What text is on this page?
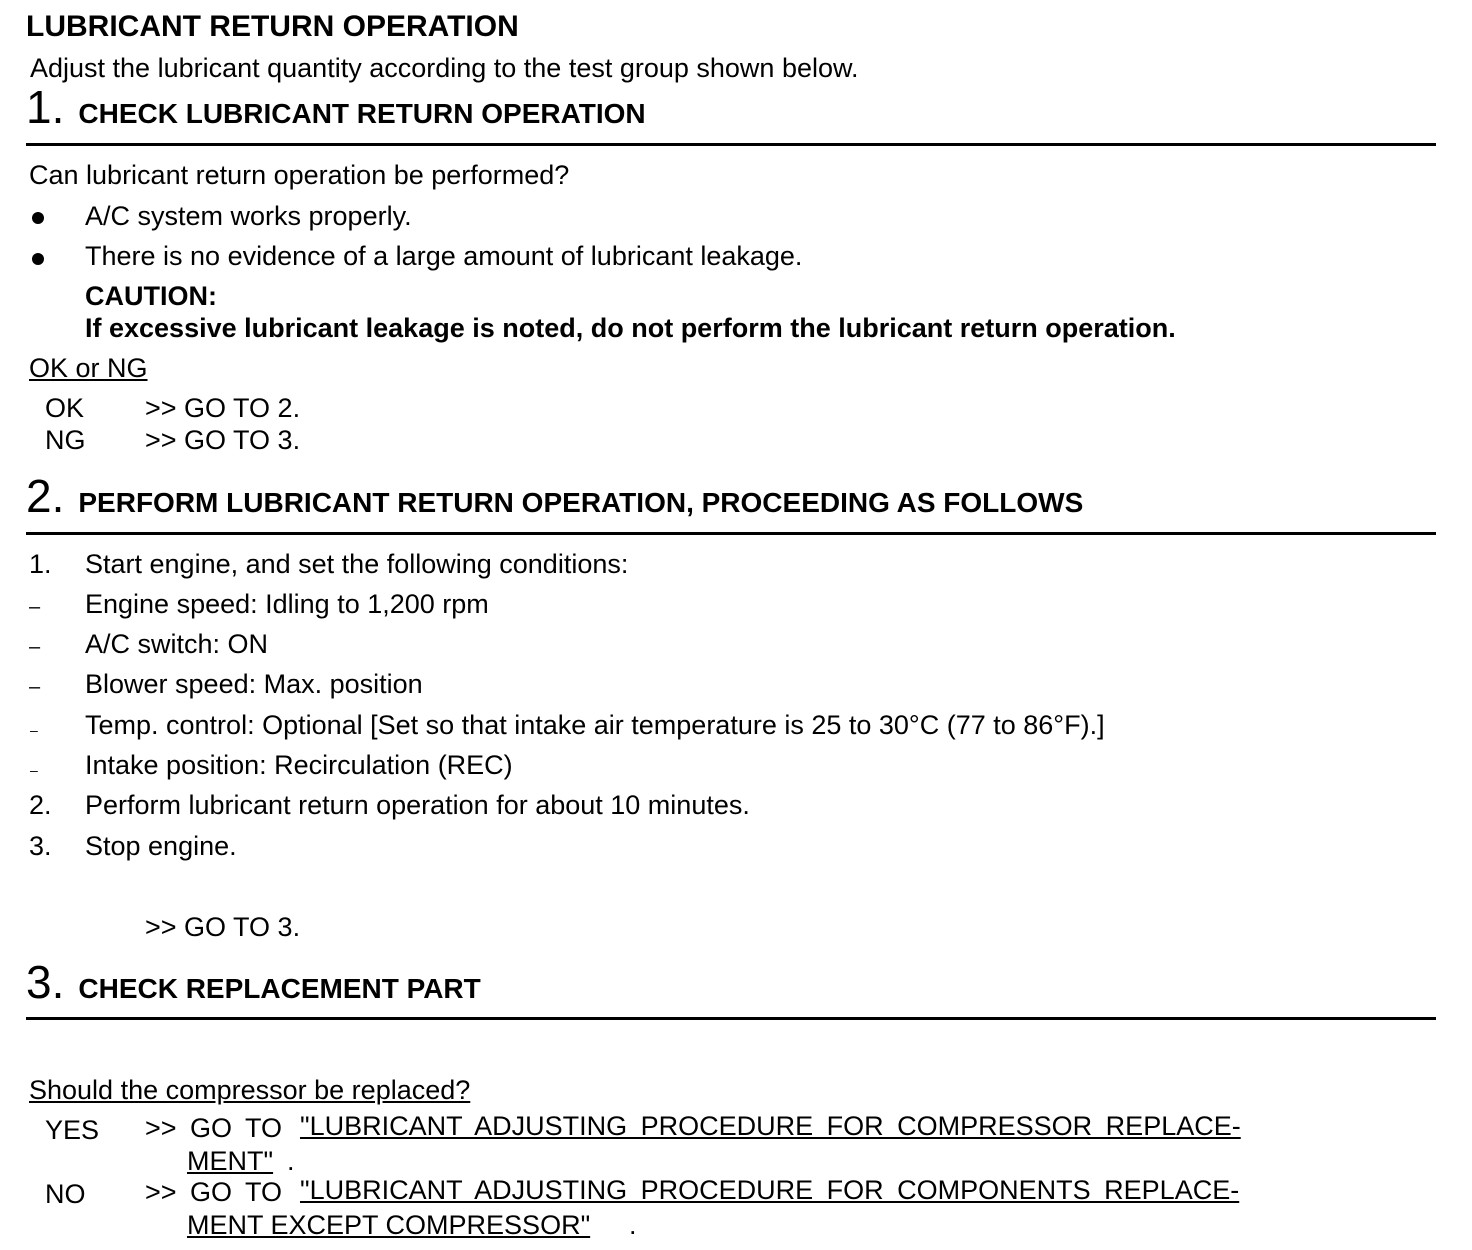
LUBRICANT RETURN OPERATION
Adjust the lubricant quantity according to the test group shown below.
1. CHECK LUBRICANT RETURN OPERATION
Can lubricant return operation be performed?
A/C system works properly.
There is no evidence of a large amount of lubricant leakage.
CAUTION:
If excessive lubricant leakage is noted, do not perform the lubricant return operation.
OK or NG
OK >> GO TO 2.
NG >> GO TO 3.
2. PERFORM LUBRICANT RETURN OPERATION, PROCEEDING AS FOLLOWS
1. Start engine, and set the following conditions:
– Engine speed: Idling to 1,200 rpm
– A/C switch: ON
– Blower speed: Max. position
– Temp. control: Optional [Set so that intake air temperature is 25 to 30°C (77 to 86°F).]
– Intake position: Recirculation (REC)
2. Perform lubricant return operation for about 10 minutes.
3. Stop engine.
>> GO TO 3.
3. CHECK REPLACEMENT PART
Should the compressor be replaced?
YES >> GO TO "LUBRICANT ADJUSTING PROCEDURE FOR COMPRESSOR REPLACE-
MENT" .
NO >> GO TO "LUBRICANT ADJUSTING PROCEDURE FOR COMPONENTS REPLACE-
MENT EXCEPT COMPRESSOR" .
